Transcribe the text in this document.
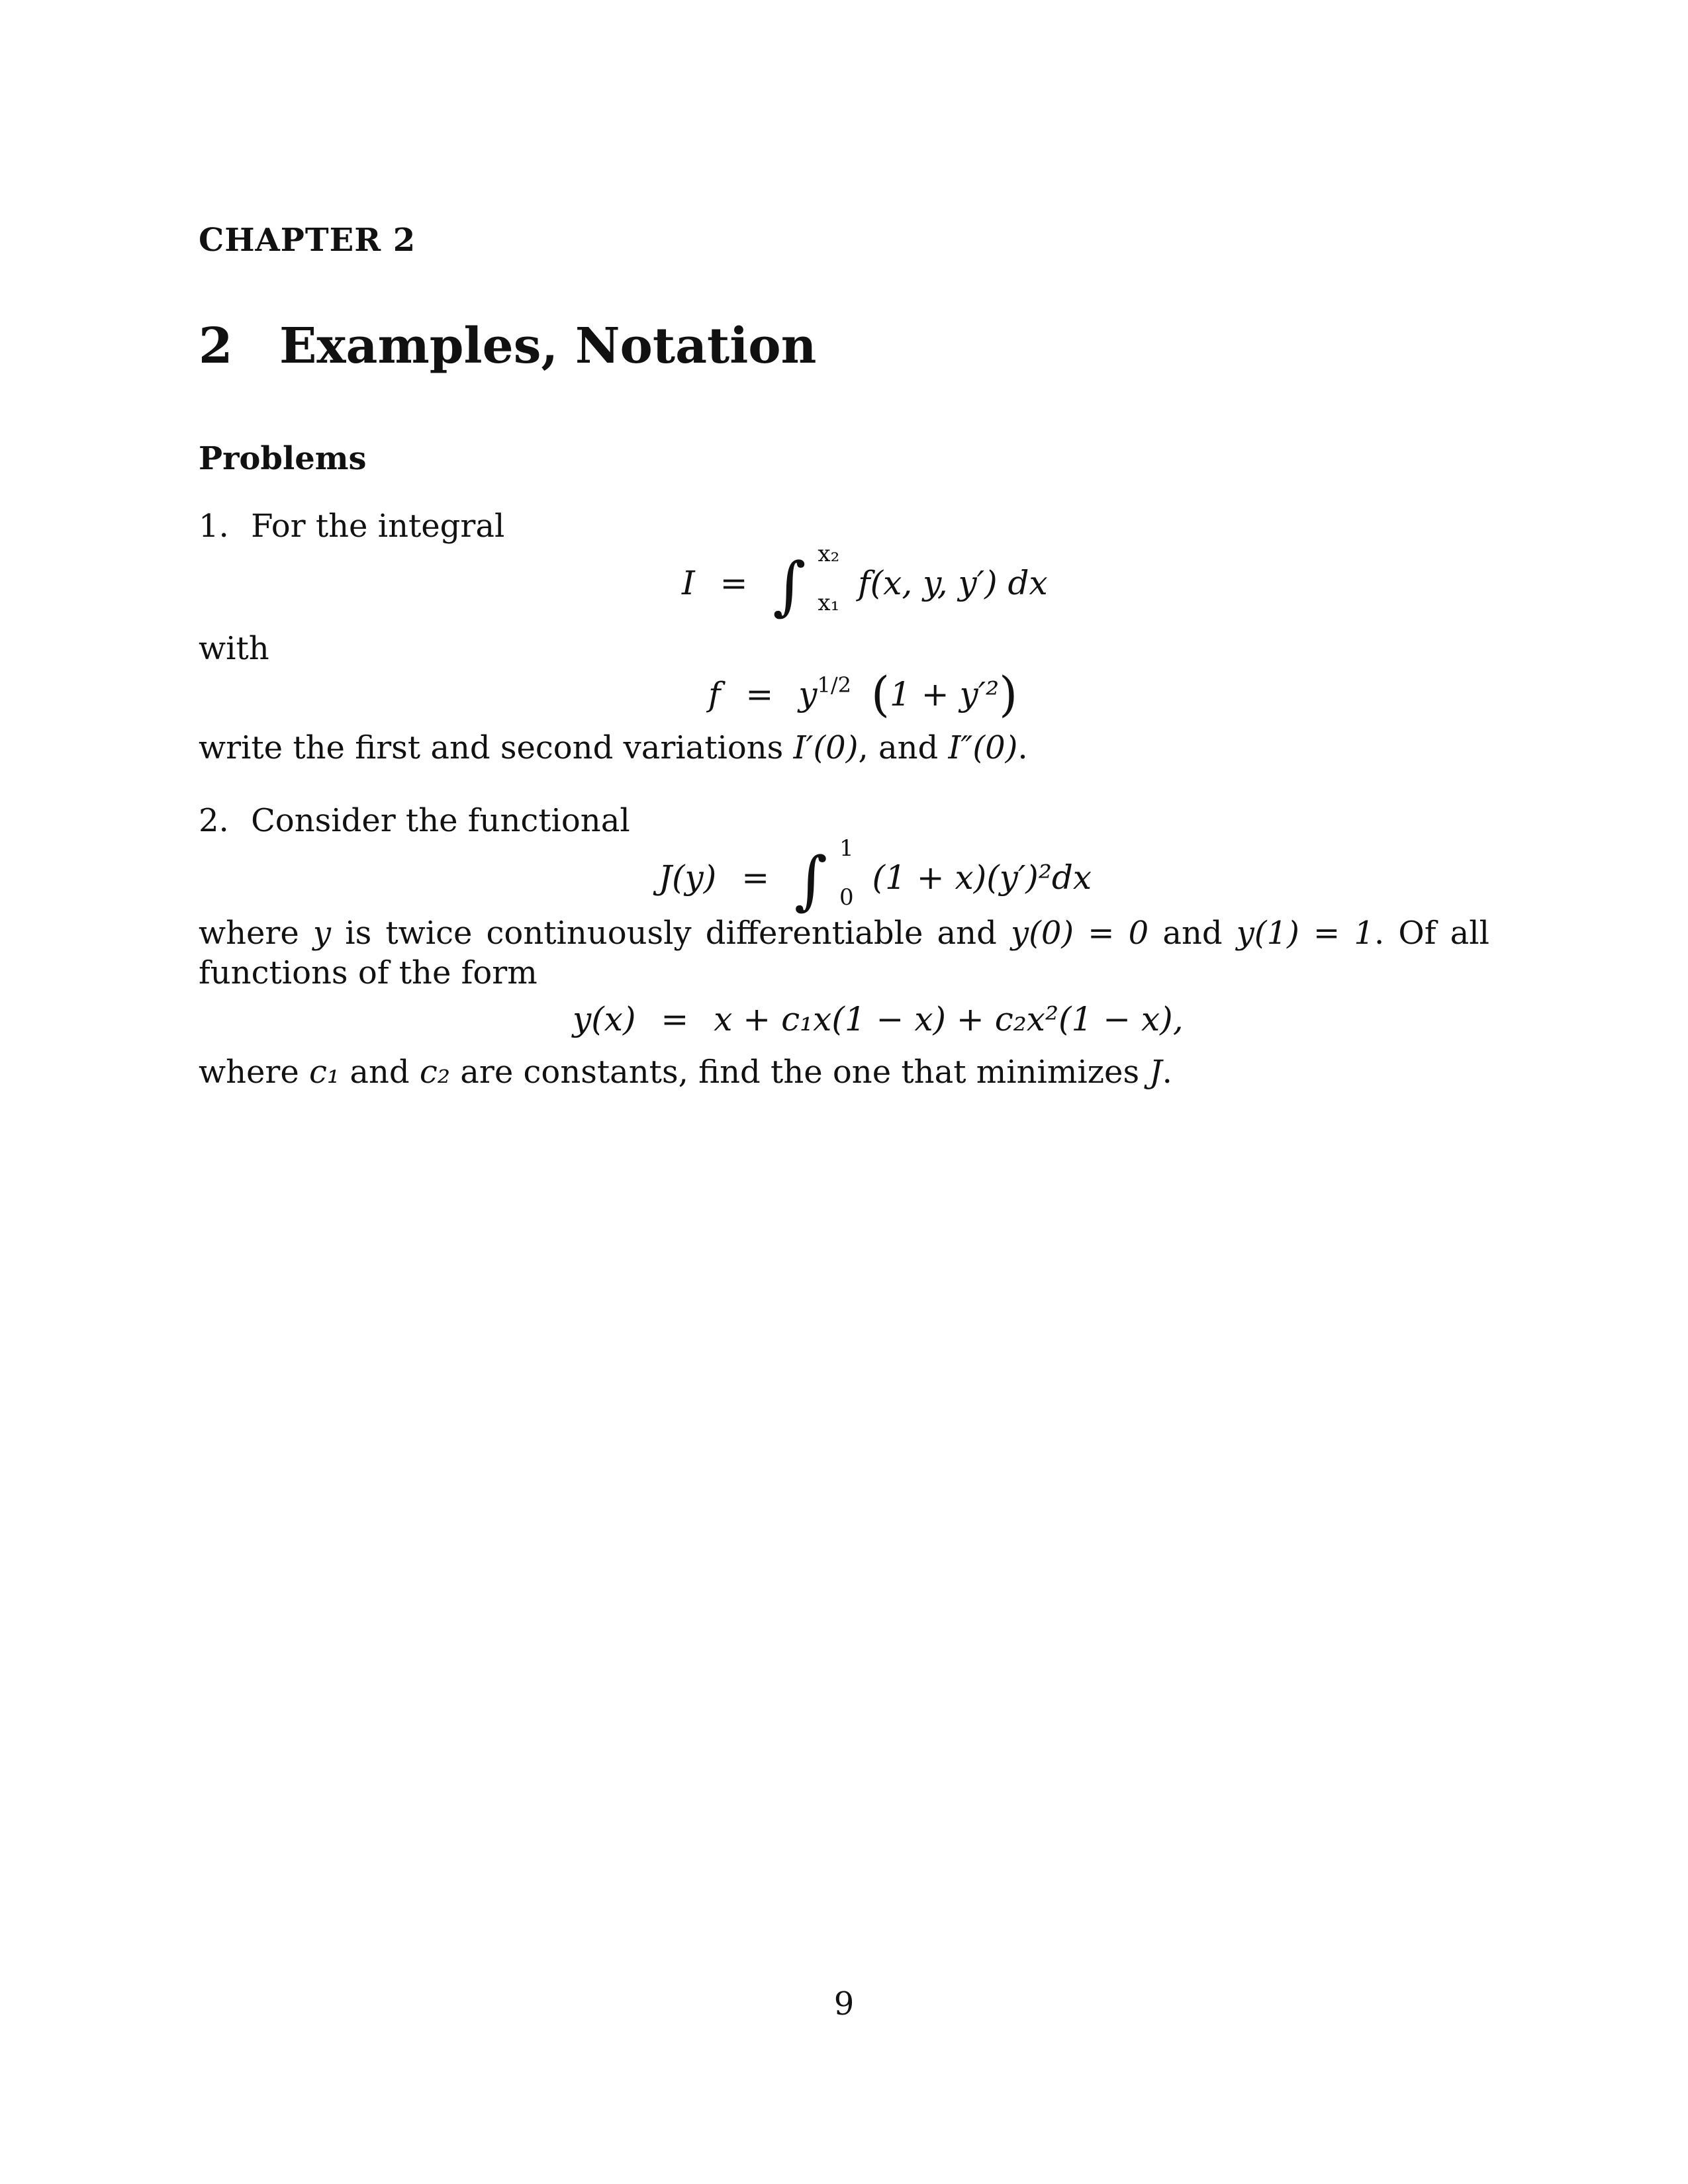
CHAPTER 2
2 Examples, Notation
Problems
1. For the integral
I = ∫ x₂
x₁
f(x, y, y′) dx
with
$f = y^{1/2}$ (1 + y′²)
write the first and second variations I′(0), and I″(0).
2. Consider the functional
J(y) = ∫ 1
0
(1 + x)(y′)²dx
where y is twice continuously differentiable and y(0) = 0 and y(1) = 1. Of all functions of the form
y(x) = x + c₁x(1 − x) + c₂x²(1 − x),
where c₁ and c₂ are constants, find the one that minimizes J.
9
